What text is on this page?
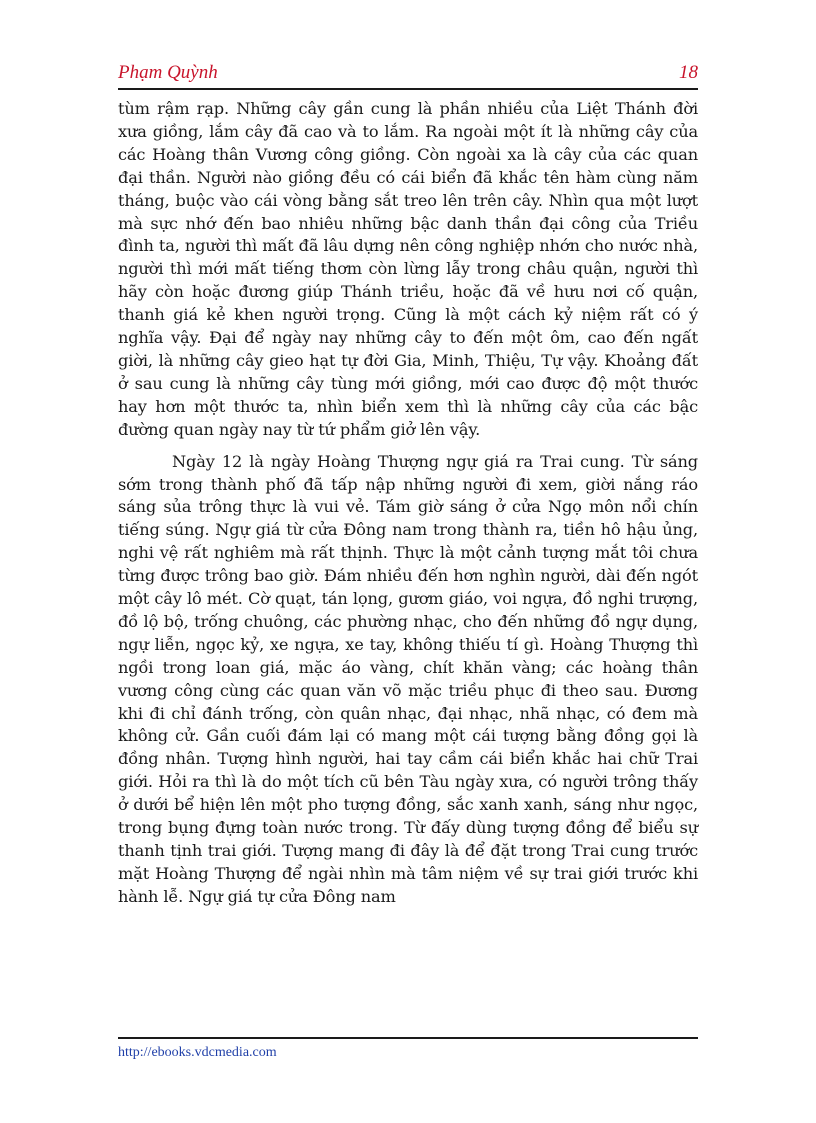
Phạm Quỳnh	18

tùm rậm rạp. Những cây gần cung là phần nhiều của Liệt Thánh đời xưa giồng, lắm cây đã cao và to lắm. Ra ngoài một ít là những cây của các Hoàng thân Vương công giồng. Còn ngoài xa là cây của các quan đại thần. Người nào giồng đều có cái biển đã khắc tên hàm cùng năm tháng, buộc vào cái vòng bằng sắt treo lên trên cây. Nhìn qua một lượt mà sực nhớ đến bao nhiêu những bậc danh thần đại công của Triều đình ta, người thì mất đã lâu dựng nên công nghiệp nhớn cho nước nhà, người thì mới mất tiếng thơm còn lừng lẫy trong châu quận, người thì hãy còn hoặc đương giúp Thánh triều, hoặc đã về hưu nơi cố quận, thanh giá kẻ khen người trọng. Cũng là một cách kỷ niệm rất có ý nghĩa vậy. Đại để ngày nay những cây to đến một ôm, cao đến ngất giời, là những cây gieo hạt tự đời Gia, Minh, Thiệu, Tự vậy. Khoảng đất ở sau cung là những cây tùng mới giồng, mới cao được độ một thước hay hơn một thước ta, nhìn biển xem thì là những cây của các bậc đường quan ngày nay từ tứ phẩm giở lên vậy.

Ngày 12 là ngày Hoàng Thượng ngự giá ra Trai cung. Từ sáng sớm trong thành phố đã tấp nập những người đi xem, giời nắng ráo sáng sủa trông thực là vui vẻ. Tám giờ sáng ở cửa Ngọ môn nổi chín tiếng súng. Ngự giá từ cửa Đông nam trong thành ra, tiền hô hậu ủng, nghi vệ rất nghiêm mà rất thịnh. Thực là một cảnh tượng mắt tôi chưa từng được trông bao giờ. Đám nhiều đến hơn nghìn người, dài đến ngót một cây lô mét. Cờ quạt, tán lọng, gươm giáo, voi ngựa, đồ nghi trượng, đồ lộ bộ, trống chuông, các phường nhạc, cho đến những đồ ngự dụng, ngự liễn, ngọc kỷ, xe ngựa, xe tay, không thiếu tí gì. Hoàng Thượng thì ngồi trong loan giá, mặc áo vàng, chít khăn vàng; các hoàng thân vương công cùng các quan văn võ mặc triều phục đi theo sau. Đương khi đi chỉ đánh trống, còn quân nhạc, đại nhạc, nhã nhạc, có đem mà không cử. Gần cuối đám lại có mang một cái tượng bằng đồng gọi là đồng nhân. Tượng hình người, hai tay cầm cái biển khắc hai chữ Trai giới. Hỏi ra thì là do một tích cũ bên Tàu ngày xưa, có người trông thấy ở dưới bể hiện lên một pho tượng đồng, sắc xanh xanh, sáng như ngọc, trong bụng đựng toàn nước trong. Từ đấy dùng tượng đồng để biểu sự thanh tịnh trai giới. Tượng mang đi đây là để đặt trong Trai cung trước mặt Hoàng Thượng để ngài nhìn mà tâm niệm về sự trai giới trước khi hành lễ. Ngự giá tự cửa Đông nam

http://ebooks.vdcmedia.com
